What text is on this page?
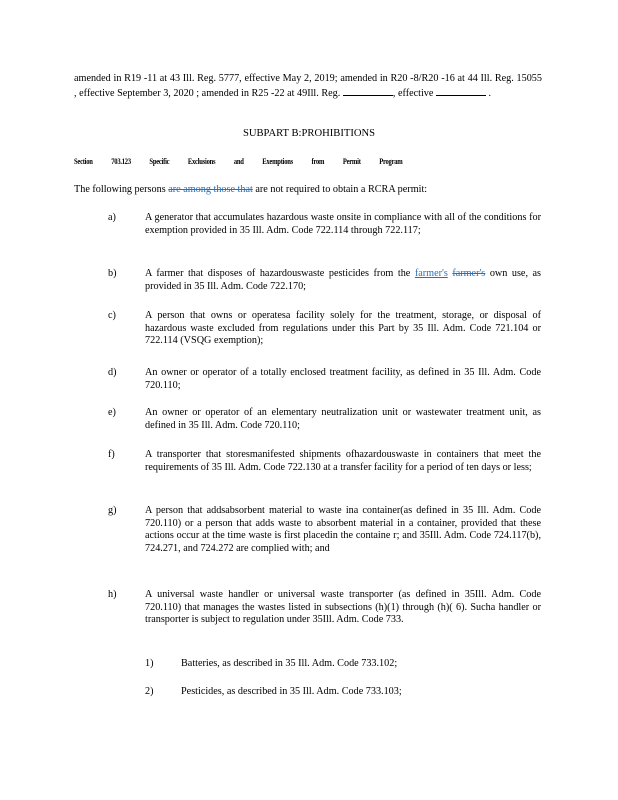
amended in R19 -11 at 43 Ill. Reg. 5777, effective May 2, 2019; amended in R20 -8/R20 -16 at 44 Ill. Reg. 15055 , effective September 3, 2020 ; amended in R25 -22 at 49Ill. Reg.	, effective	.
SUBPART B:PROHIBITIONS
Section 703.123 Specific Exclusions and Exemptions from Permit Program
The following persons are among those that are not required to obtain a RCRA permit:
a)	A generator that accumulates hazardous waste onsite in compliance with all of the conditions for exemption provided in 35 Ill. Adm. Code 722.114 through 722.117;
b)	A farmer that disposes of hazardouswaste pesticides from the farmer's farmer's own use, as provided in 35 Ill. Adm. Code 722.170;
c)	A person that owns or operatesa facility solely for the treatment, storage, or disposal of hazardous waste excluded from regulations under this Part by 35 Ill. Adm. Code 721.104 or 722.114 (VSQG exemption);
d)	An owner or operator of a totally enclosed treatment facility, as defined in 35 Ill. Adm. Code 720.110;
e)	An owner or operator of an elementary neutralization unit or wastewater treatment unit, as defined in 35 Ill. Adm. Code 720.110;
f)	A transporter that storesmanifested shipments ofhazardouswaste in containers that meet the requirements of 35 Ill. Adm. Code 722.130 at a transfer facility for a period of ten days or less;
g)	A person that addsabsorbent material to waste ina container(as defined in 35 Ill. Adm. Code 720.110) or a person that adds waste to absorbent material in a container, provided that these actions occur at the time waste is first placedin the containe r; and 35Ill. Adm. Code 724.117(b), 724.271, and 724.272 are complied with; and
h)	A universal waste handler or universal waste transporter (as defined in 35Ill. Adm. Code 720.110) that manages the wastes listed in subsections (h)(1) through (h)( 6). Sucha handler or transporter is subject to regulation under 35Ill. Adm. Code 733.
1)	Batteries, as described in 35 Ill. Adm. Code 733.102;
2)	Pesticides, as described in 35 Ill. Adm. Code 733.103;
